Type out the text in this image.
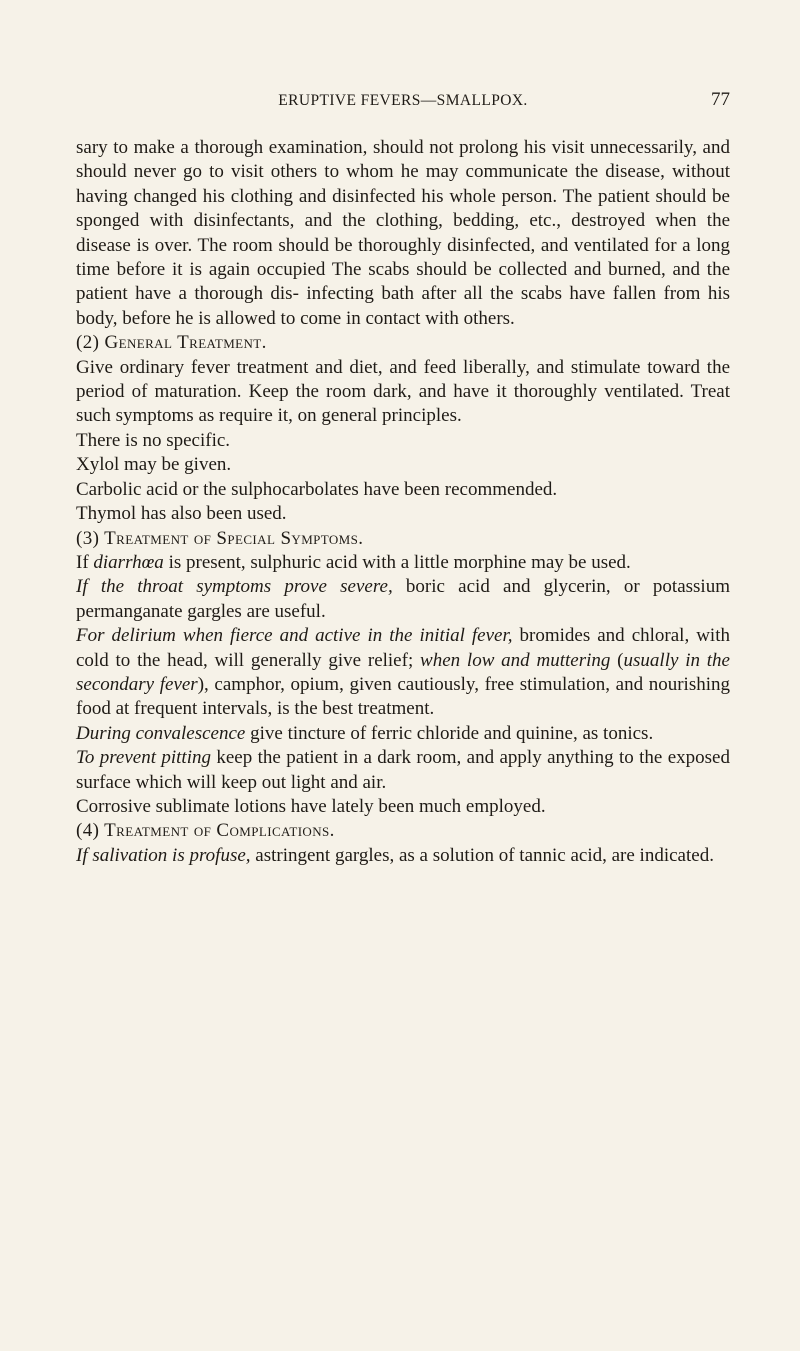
ERUPTIVE FEVERS—SMALLPOX.	77

sary to make a thorough examination, should not prolong his visit unnecessarily, and should never go to visit others to whom he may communicate the disease, without having changed his clothing and disinfected his whole person. The patient should be sponged with disinfectants, and the clothing, bedding, etc., destroyed when the disease is over. The room should be thoroughly disinfected, and ventilated for a long time before it is again occupied The scabs should be collected and burned, and the patient have a thorough dis- infecting bath after all the scabs have fallen from his body, before he is allowed to come in contact with others.

(2) General Treatment.

Give ordinary fever treatment and diet, and feed liberally, and stimulate toward the period of maturation. Keep the room dark, and have it thoroughly ventilated. Treat such symptoms as require it, on general principles.

There is no specific.

Xylol may be given.

Carbolic acid or the sulphocarbolates have been recommended.

Thymol has also been used.

(3) Treatment of Special Symptoms.

If diarrhœa is present, sulphuric acid with a little morphine may be used.

If the throat symptoms prove severe, boric acid and glycerin, or potassium permanganate gargles are useful.

For delirium when fierce and active in the initial fever, bromides and chloral, with cold to the head, will generally give relief; when low and muttering (usually in the secondary fever), camphor, opium, given cautiously, free stimulation, and nourishing food at frequent intervals, is the best treatment.

During convalescence give tincture of ferric chloride and quinine, as tonics.

To prevent pitting keep the patient in a dark room, and apply anything to the exposed surface which will keep out light and air.

Corrosive sublimate lotions have lately been much employed.

(4) Treatment of Complications.

If salivation is profuse, astringent gargles, as a solution of tannic acid, are indicated.
